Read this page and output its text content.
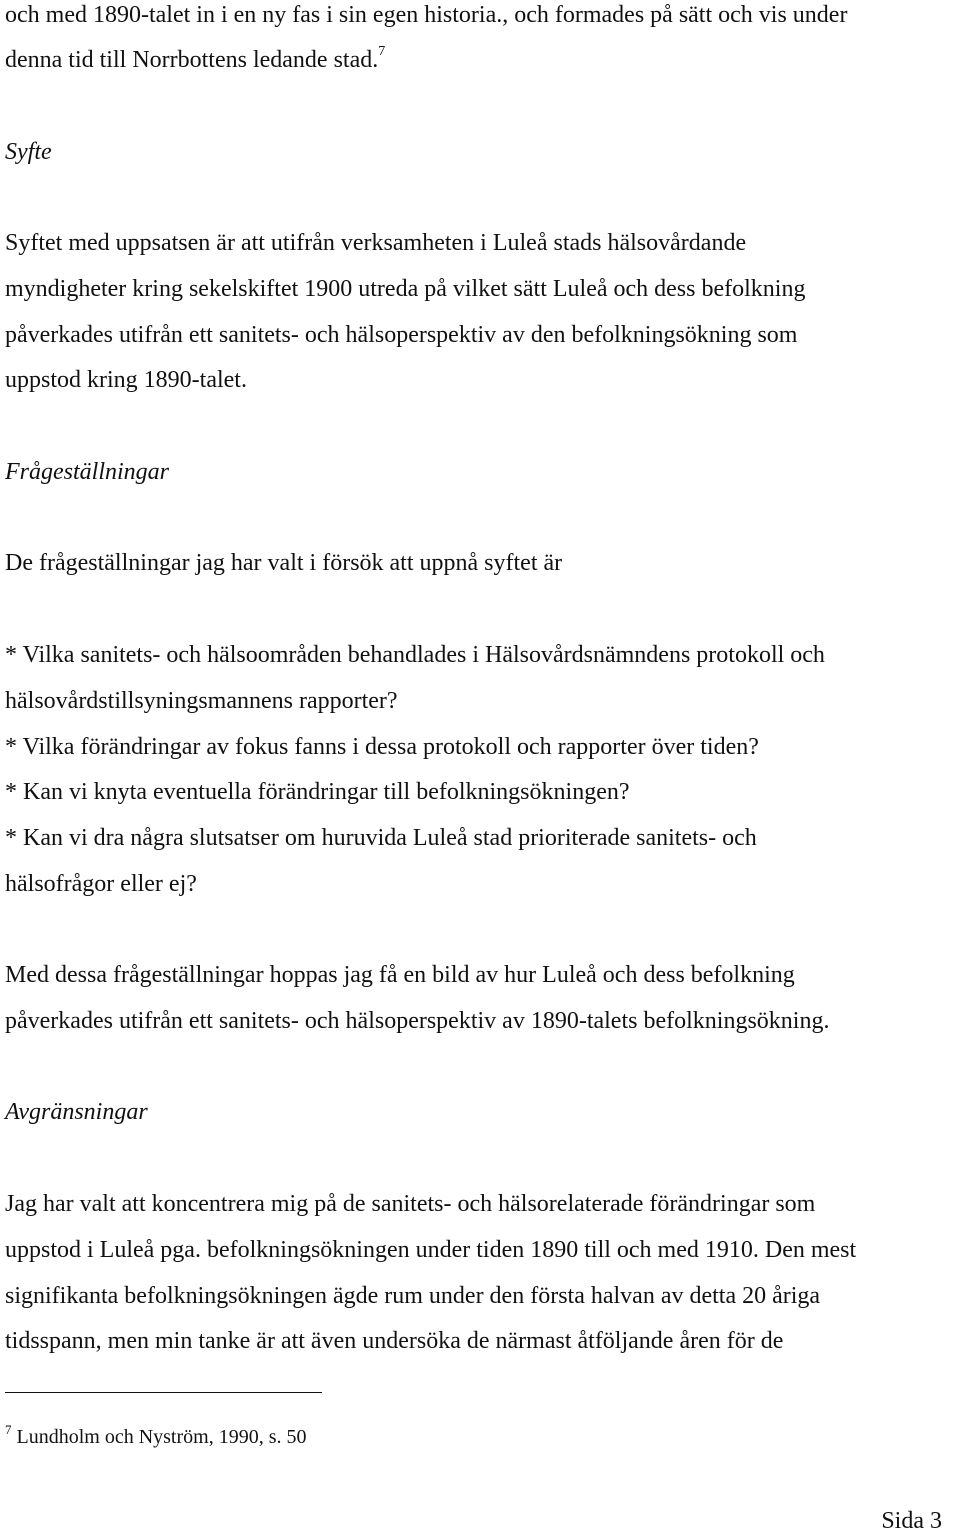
och med 1890-talet in i en ny fas i sin egen historia., och formades på sätt och vis under

denna tid till Norrbottens ledande stad.$^7$

Syfte

Syftet med uppsatsen är att utifrån verksamheten i Luleå stads hälsovårdande

myndigheter kring sekelskiftet 1900 utreda på vilket sätt Luleå och dess befolkning

påverkades utifrån ett sanitets- och hälsoperspektiv av den befolkningsökning som

uppstod kring 1890-talet.

Frågeställningar

De frågeställningar jag har valt i försök att uppnå syftet är

* Vilka sanitets- och hälsoområden behandlades i Hälsovårdsnämndens protokoll och

hälsovårdstillsyningsmannens rapporter?

* Vilka förändringar av fokus fanns i dessa protokoll och rapporter över tiden?

* Kan vi knyta eventuella förändringar till befolkningsökningen?

* Kan vi dra några slutsatser om huruvida Luleå stad prioriterade sanitets- och

hälsofrågor eller ej?

Med dessa frågeställningar hoppas jag få en bild av hur Luleå och dess befolkning

påverkades utifrån ett sanitets- och hälsoperspektiv av 1890-talets befolkningsökning.

Avgränsningar

Jag har valt att koncentrera mig på de sanitets- och hälsorelaterade förändringar som

uppstod i Luleå pga. befolkningsökningen under tiden 1890 till och med 1910. Den mest

signifikanta befolkningsökningen ägde rum under den första halvan av detta 20 åriga

tidsspann, men min tanke är att även undersöka de närmast åtföljande åren för de

$^7$ Lundholm och Nyström, 1990, s. 50

Sida 3
